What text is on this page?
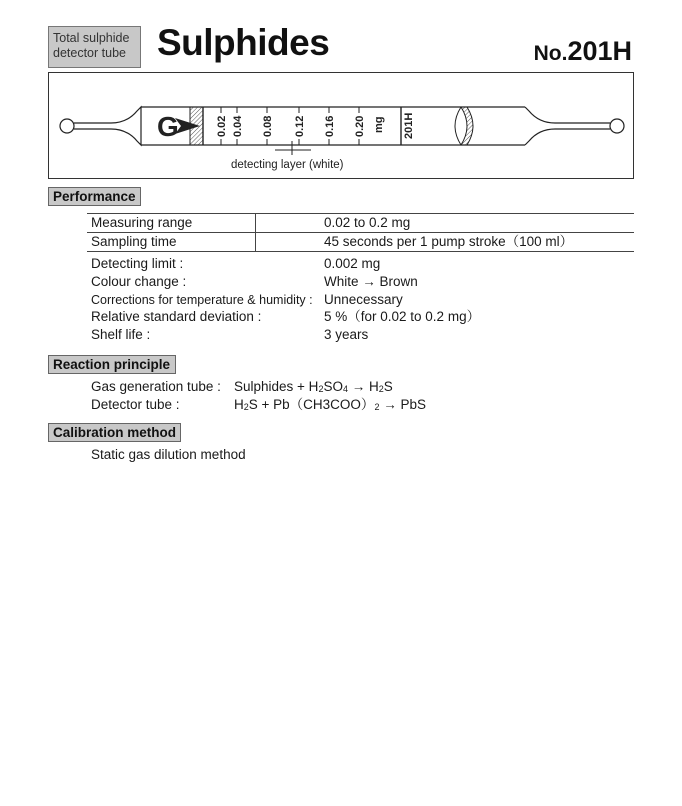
Total sulphide
detector tube Sulphides	No.201H
G	0.02 0.04 0.08 0.12 0.16 0.20 mg 201H
detecting layer (white)
Performance
Measuring range	0.02 to 0.2 mg
Sampling time	45 seconds per 1 pump stroke（100 ml）
Detecting limit :	0.002 mg
Colour change :	White → Brown
Corrections for temperature & humidity : Unnecessary
Relative standard deviation :	5 %（for 0.02 to 0.2 mg）
Shelf life :	3 years
Reaction principle
Gas generation tube : Sulphides + $H_2SO_4 \to H_2S$
Detector tube :	$H_2S + Pb(CH3COO)_2$ → PbS
Calibration method
Static gas dilution method
